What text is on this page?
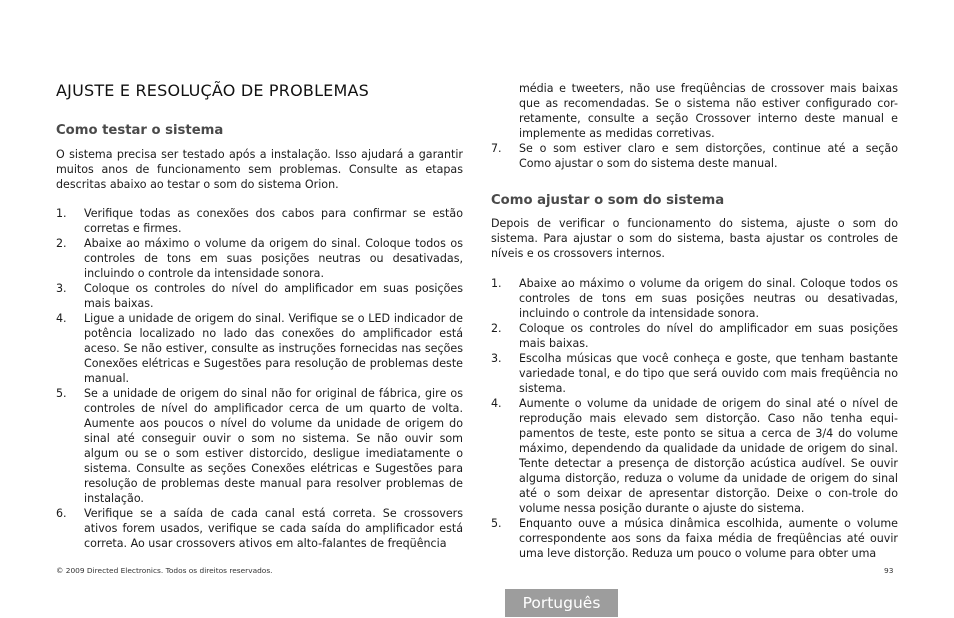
AJUSTE E RESOLUÇÃO DE PROBLEMAS
Como testar o sistema

O sistema precisa ser testado após a instalação. Isso ajudará a garantir muitos anos de funcionamento sem problemas. Consulte as etapas descritas abaixo ao testar o som do sistema Orion.

1. Verifique todas as conexões dos cabos para confirmar se estão corretas e firmes.
2. Abaixe ao máximo o volume da origem do sinal. Coloque todos os controles de tons em suas posições neutras ou desativadas, incluindo o controle da intensidade sonora.
3. Coloque os controles do nível do amplificador em suas posições mais baixas.
4. Ligue a unidade de origem do sinal. Verifique se o LED indicador de potência localizado no lado das conexões do amplificador está aceso. Se não estiver, consulte as instruções fornecidas nas seções Conexões elétricas e Sugestões para resolução de problemas deste manual.
5. Se a unidade de origem do sinal não for original de fábrica, gire os controles de nível do amplificador cerca de um quarto de volta. Aumente aos poucos o nível do volume da unidade de origem do sinal até conseguir ouvir o som no sistema. Se não ouvir som algum ou se o som estiver distorcido, desligue imediatamente o sistema. Consulte as seções Conexões elétricas e Sugestões para resolução de problemas deste manual para resolver problemas de instalação.
6. Verifique se a saída de cada canal está correta. Se crossovers ativos forem usados, verifique se cada saída do amplificador está correta. Ao usar crossovers ativos em alto-falantes de freqüência

média e tweeters, não use freqüências de crossover mais baixas que as recomendadas. Se o sistema não estiver configurado cor-retamente, consulte a seção Crossover interno deste manual e implemente as medidas corretivas.

7. Se o som estiver claro e sem distorções, continue até a seção Como ajustar o som do sistema deste manual.
Como ajustar o som do sistema

Depois de verificar o funcionamento do sistema, ajuste o som do sistema. Para ajustar o som do sistema, basta ajustar os controles de níveis e os crossovers internos.

1. Abaixe ao máximo o volume da origem do sinal. Coloque todos os controles de tons em suas posições neutras ou desativadas, incluindo o controle da intensidade sonora.
2. Coloque os controles do nível do amplificador em suas posições mais baixas.
3. Escolha músicas que você conheça e goste, que tenham bastante variedade tonal, e do tipo que será ouvido com mais freqüência no sistema.
4. Aumente o volume da unidade de origem do sinal até o nível de reprodução mais elevado sem distorção. Caso não tenha equi-pamentos de teste, este ponto se situa a cerca de 3/4 do volume máximo, dependendo da qualidade da unidade de origem do sinal. Tente detectar a presença de distorção acústica audível. Se ouvir alguma distorção, reduza o volume da unidade de origem do sinal até o som deixar de apresentar distorção. Deixe o con-trole do volume nessa posição durante o ajuste do sistema.
5. Enquanto ouve a música dinâmica escolhida, aumente o volume correspondente aos sons da faixa média de freqüências até ouvir uma leve distorção. Reduza um pouco o volume para obter uma
© 2009 Directed Electronics. Todos os direitos reservados.	93
Português
